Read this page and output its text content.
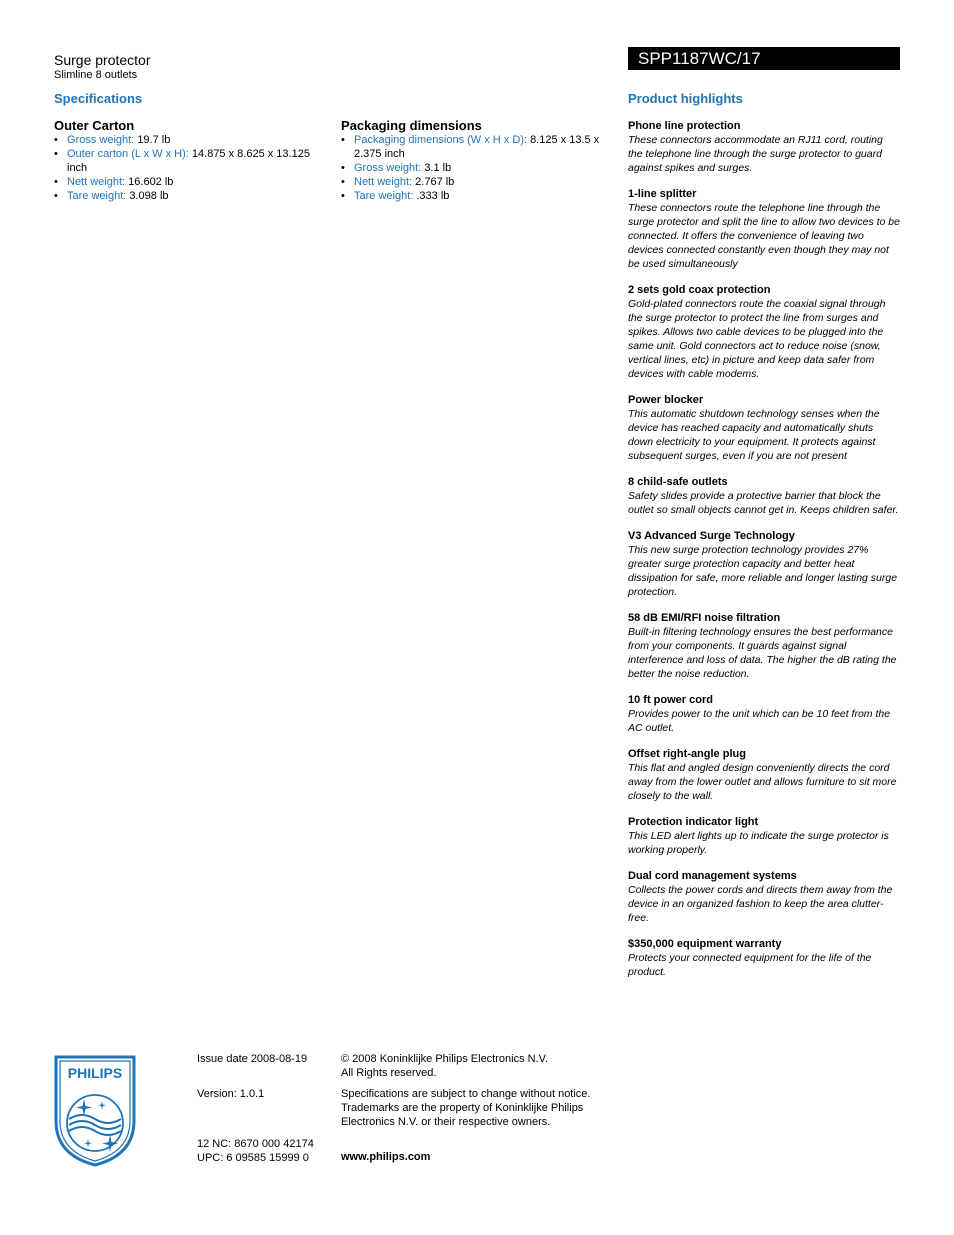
Surge protector
Slimline 8 outlets
Specifications
SPP1187WC/17
Product highlights
Outer Carton
• Gross weight: 19.7 lb
• Outer carton (L x W x H): 14.875 x 8.625 x 13.125 inch
• Nett weight: 16.602 lb
• Tare weight: 3.098 lb
Packaging dimensions
• Packaging dimensions (W x H x D): 8.125 x 13.5 x 2.375 inch
• Gross weight: 3.1 lb
• Nett weight: 2.767 lb
• Tare weight: .333 lb
Phone line protection
These connectors accommodate an RJ11 cord, routing the telephone line through the surge protector to guard against spikes and surges.
1-line splitter
These connectors route the telephone line through the surge protector and split the line to allow two devices to be connected. It offers the convenience of leaving two devices connected constantly even though they may not be used simultaneously
2 sets gold coax protection
Gold-plated connectors route the coaxial signal through the surge protector to protect the line from surges and spikes. Allows two cable devices to be plugged into the same unit. Gold connectors act to reduce noise (snow, vertical lines, etc) in picture and keep data safer from devices with cable modems.
Power blocker
This automatic shutdown technology senses when the device has reached capacity and automatically shuts down electricity to your equipment. It protects against subsequent surges, even if you are not present
8 child-safe outlets
Safety slides provide a protective barrier that block the outlet so small objects cannot get in. Keeps children safer.
V3 Advanced Surge Technology
This new surge protection technology provides 27% greater surge protection capacity and better heat dissipation for safe, more reliable and longer lasting surge protection.
58 dB EMI/RFI noise filtration
Built-in filtering technology ensures the best performance from your components. It guards against signal interference and loss of data. The higher the dB rating the better the noise reduction.
10 ft power cord
Provides power to the unit which can be 10 feet from the AC outlet.
Offset right-angle plug
This flat and angled design conveniently directs the cord away from the lower outlet and allows furniture to sit more closely to the wall.
Protection indicator light
This LED alert lights up to indicate the surge protector is working properly.
Dual cord management systems
Collects the power cords and directs them away from the device in an organized fashion to keep the area clutter-free.
$350,000 equipment warranty
Protects your connected equipment for the life of the product.
PHILIPS
Issue date 2008-08-19
Version: 1.0.1
12 NC: 8670 000 42174
UPC: 6 09585 15999 0
© 2008 Koninklijke Philips Electronics N.V.
All Rights reserved.
Specifications are subject to change without notice.
Trademarks are the property of Koninklijke Philips
Electronics N.V. or their respective owners.
www.philips.com
